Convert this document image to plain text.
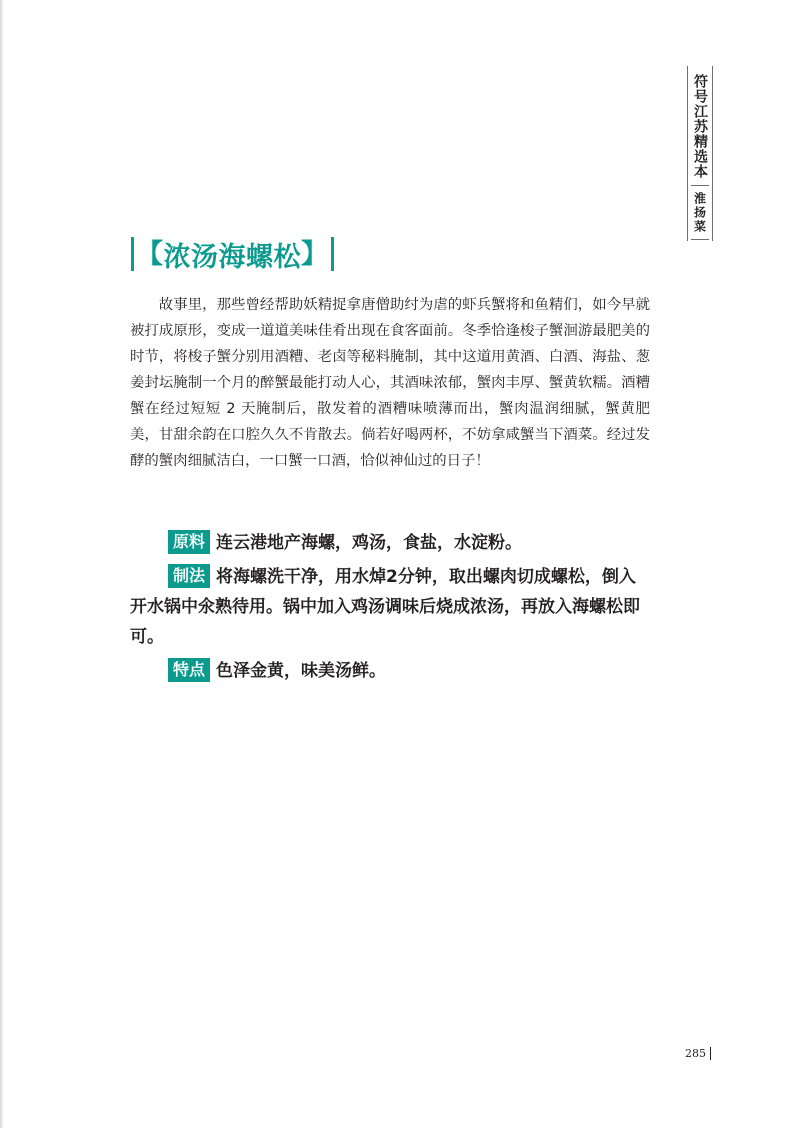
符号江苏精选本
淮扬菜
【 浓汤海螺松 】

故事里，那些曾经帮助妖精捉拿唐僧助纣为虐的虾兵蟹将和鱼精们，如今早就被打成原形，变成一道道美味佳肴出现在食客面前。冬季恰逢梭子蟹洄游最肥美的时节，将梭子蟹分别用酒糟、老卤等秘料腌制，其中这道用黄酒、白酒、海盐、葱姜封坛腌制一个月的醉蟹最能打动人心，其酒味浓郁，蟹肉丰厚、蟹黄软糯。酒糟蟹在经过短短 2 天腌制后，散发着的酒糟味喷薄而出，蟹肉温润细腻，蟹黄肥美，甘甜余韵在口腔久久不肯散去。倘若好喝两杯，不妨拿咸蟹当下酒菜。经过发酵的蟹肉细腻洁白，一口蟹一口酒，恰似神仙过的日子！

原料 连云港地产海螺，鸡汤，食盐，水淀粉。

制法 将海螺洗干净，用水焯2分钟，取出螺肉切成螺松，倒入开水锅中氽熟待用。锅中加入鸡汤调味后烧成浓汤，再放入海螺松即可。

特点 色泽金黄，味美汤鲜。

285
